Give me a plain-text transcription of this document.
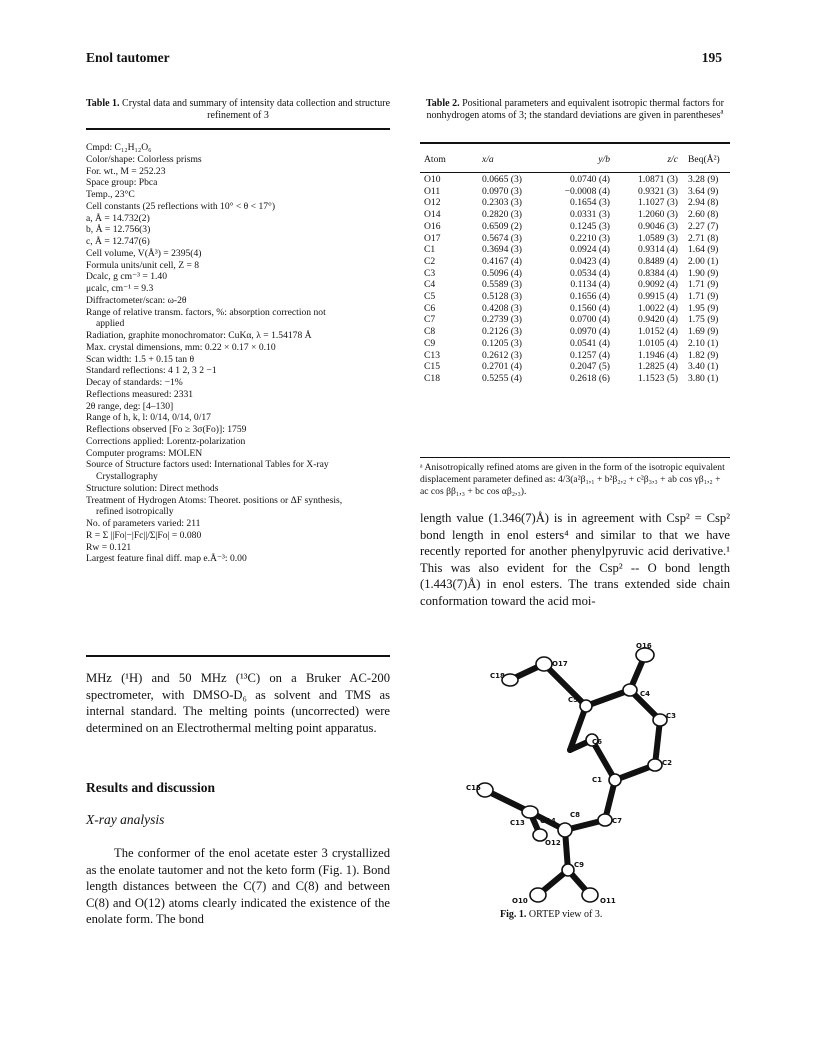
Enol tautomer	195
Table 1. Crystal data and summary of intensity data collection and structure refinement of 3
Cmpd: C₁₂H₁₂O₆
Color/shape: Colorless prisms
For. wt., M = 252.23
Space group: Pbca
Temp., 23°C
Cell constants (25 reflections with 10° < θ < 17°)
a, Å = 14.732(2)
b, Å = 12.756(3)
c, Å = 12.747(6)
Cell volume, V(Å³) = 2395(4)
Formula units/unit cell, Z = 8
Dcalc, g cm⁻³ = 1.40
μcalc, cm⁻¹ = 9.3
Diffractometer/scan: ω-2θ
Range of relative transm. factors, %: absorption correction not
applied
Radiation, graphite monochromator: CuKα, λ = 1.54178 Å
Max. crystal dimensions, mm: 0.22 × 0.17 × 0.10
Scan width: 1.5 + 0.15 tan θ
Standard reflections: 4 1 2, 3 2 −1
Decay of standards: −1%
Reflections measured: 2331
2θ range, deg: [4–130]
Range of h, k, l: 0/14, 0/14, 0/17
Reflections observed [Fo ≥ 3σ(Fo)]: 1759
Corrections applied: Lorentz-polarization
Computer programs: MOLEN
Source of Structure factors used: International Tables for X-ray
Crystallography
Structure solution: Direct methods
Treatment of Hydrogen Atoms: Theoret. positions or ΔF synthesis,
refined isotropically
No. of parameters varied: 211
R = Σ ||Fo|−|Fc||/Σ|Fo| = 0.080
Rw = 0.121
Largest feature final diff. map e.Å⁻³: 0.00
Table 2. Positional parameters and equivalent isotropic thermal factors for nonhydrogen atoms of 3; the standard deviations are given in parentheses$^a$
Atom	x/a	y/b	z/c	Beq(Å²)
O10	0.0665 (3)	0.0740 (4)	1.0871 (3)	3.28 (9)
O11	0.0970 (3)	−0.0008 (4)	0.9321 (3)	3.64 (9)
O12	0.2303 (3)	0.1654 (3)	1.1027 (3)	2.94 (8)
O14	0.2820 (3)	0.0331 (3)	1.2060 (3)	2.60 (8)
O16	0.6509 (2)	0.1245 (3)	0.9046 (3)	2.27 (7)
O17	0.5674 (3)	0.2210 (3)	1.0589 (3)	2.71 (8)
C1	0.3694 (3)	0.0924 (4)	0.9314 (4)	1.64 (9)
C2	0.4167 (4)	0.0423 (4)	0.8489 (4)	2.00 (1)
C3	0.5096 (4)	0.0534 (4)	0.8384 (4)	1.90 (9)
C4	0.5589 (3)	0.1134 (4)	0.9092 (4)	1.71 (9)
C5	0.5128 (3)	0.1656 (4)	0.9915 (4)	1.71 (9)
C6	0.4208 (3)	0.1560 (4)	1.0022 (4)	1.95 (9)
C7	0.2739 (3)	0.0700 (4)	0.9420 (4)	1.75 (9)
C8	0.2126 (3)	0.0970 (4)	1.0152 (4)	1.69 (9)
C9	0.1205 (3)	0.0541 (4)	1.0105 (4)	2.10 (1)
C13	0.2612 (3)	0.1257 (4)	1.1946 (4)	1.82 (9)
C15	0.2701 (4)	0.2047 (5)	1.2825 (4)	3.40 (1)
C18	0.5255 (4)	0.2618 (6)	1.1523 (5)	3.80 (1)
ᵃ Anisotropically refined atoms are given in the form of the isotropic equivalent displacement parameter defined as: 4/3(a²β₁,₁ + b²β₂,₂ + c²β₃,₃ + ab cos γβ₁,₂ + ac cos ββ₁,₃ + bc cos αβ₂,₃).
length value (1.346(7)Å) is in agreement with Csp² = Csp² bond length in enol esters⁴ and similar to that we have recently reported for another phenylpyruvic acid derivative.¹ This was also evident for the Csp² -- O bond length (1.443(7)Å) in enol esters. The trans extended side chain conformation toward the acid moi-
MHz (¹H) and 50 MHz (¹³C) on a Bruker AC-200 spectrometer, with DMSO-D₆ as solvent and TMS as internal standard. The melting points (uncorrected) were determined on an Electrothermal melting point apparatus.
Results and discussion
X-ray analysis
The conformer of the enol acetate ester 3 crystallized as the enolate tautomer and not the keto form (Fig. 1). Bond length distances between the C(7) and C(8) and between C(8) and O(12) atoms clearly indicated the existence of the enolate form. The bond
O16
O17
C18
C5
C4
C3
C6
C2
C1
C15
O14
C13
O12
C8
C7
C9
O10	O11
Fig. 1. ORTEP view of 3.
